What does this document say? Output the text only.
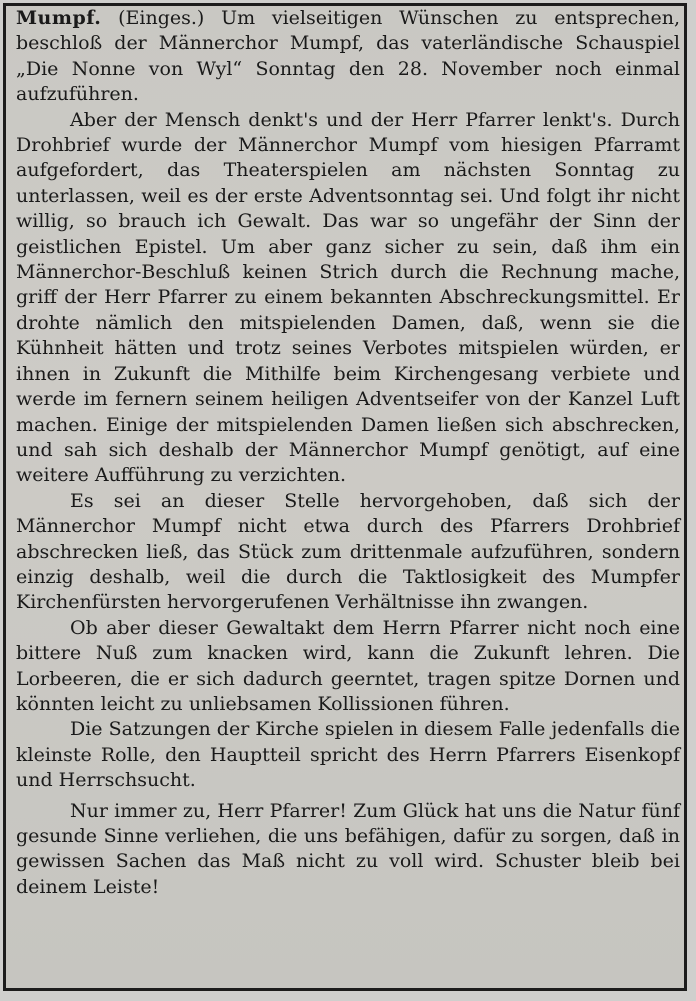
Mumpf. (Einges.) Um vielseitigen Wünschen zu entsprechen, beschloß der Männerchor Mumpf, das vaterländische Schauspiel „Die Nonne von Wyl“ Sonntag den 28. November noch einmal aufzuführen.

Aber der Mensch denkt's und der Herr Pfarrer lenkt's. Durch Drohbrief wurde der Männerchor Mumpf vom hiesigen Pfarramt aufgefordert, das Theaterspielen am nächsten Sonntag zu unterlassen, weil es der erste Adventsonntag sei. Und folgt ihr nicht willig, so brauch ich Gewalt. Das war so ungefähr der Sinn der geistlichen Epistel. Um aber ganz sicher zu sein, daß ihm ein Männerchor-Beschluß keinen Strich durch die Rechnung mache, griff der Herr Pfarrer zu einem bekannten Abschreckungsmittel. Er drohte nämlich den mitspielenden Damen, daß, wenn sie die Kühnheit hätten und trotz seines Verbotes mitspielen würden, er ihnen in Zukunft die Mithilfe beim Kirchengesang verbiete und werde im fernern seinem heiligen Adventseifer von der Kanzel Luft machen. Einige der mitspielenden Damen ließen sich abschrecken, und sah sich deshalb der Männerchor Mumpf genötigt, auf eine weitere Aufführung zu verzichten.

Es sei an dieser Stelle hervorgehoben, daß sich der Männerchor Mumpf nicht etwa durch des Pfarrers Drohbrief abschrecken ließ, das Stück zum drittenmale aufzuführen, sondern einzig deshalb, weil die durch die Taktlosigkeit des Mumpfer Kirchenfürsten hervorgerufenen Verhältnisse ihn zwangen.

Ob aber dieser Gewaltakt dem Herrn Pfarrer nicht noch eine bittere Nuß zum knacken wird, kann die Zukunft lehren. Die Lorbeeren, die er sich dadurch geerntet, tragen spitze Dornen und könnten leicht zu unliebsamen Kollissionen führen.

Die Satzungen der Kirche spielen in diesem Falle jedenfalls die kleinste Rolle, den Hauptteil spricht des Herrn Pfarrers Eisenkopf und Herrschsucht.

Nur immer zu, Herr Pfarrer! Zum Glück hat uns die Natur fünf gesunde Sinne verliehen, die uns befähigen, dafür zu sorgen, daß in gewissen Sachen das Maß nicht zu voll wird. Schuster bleib bei deinem Leiste!
